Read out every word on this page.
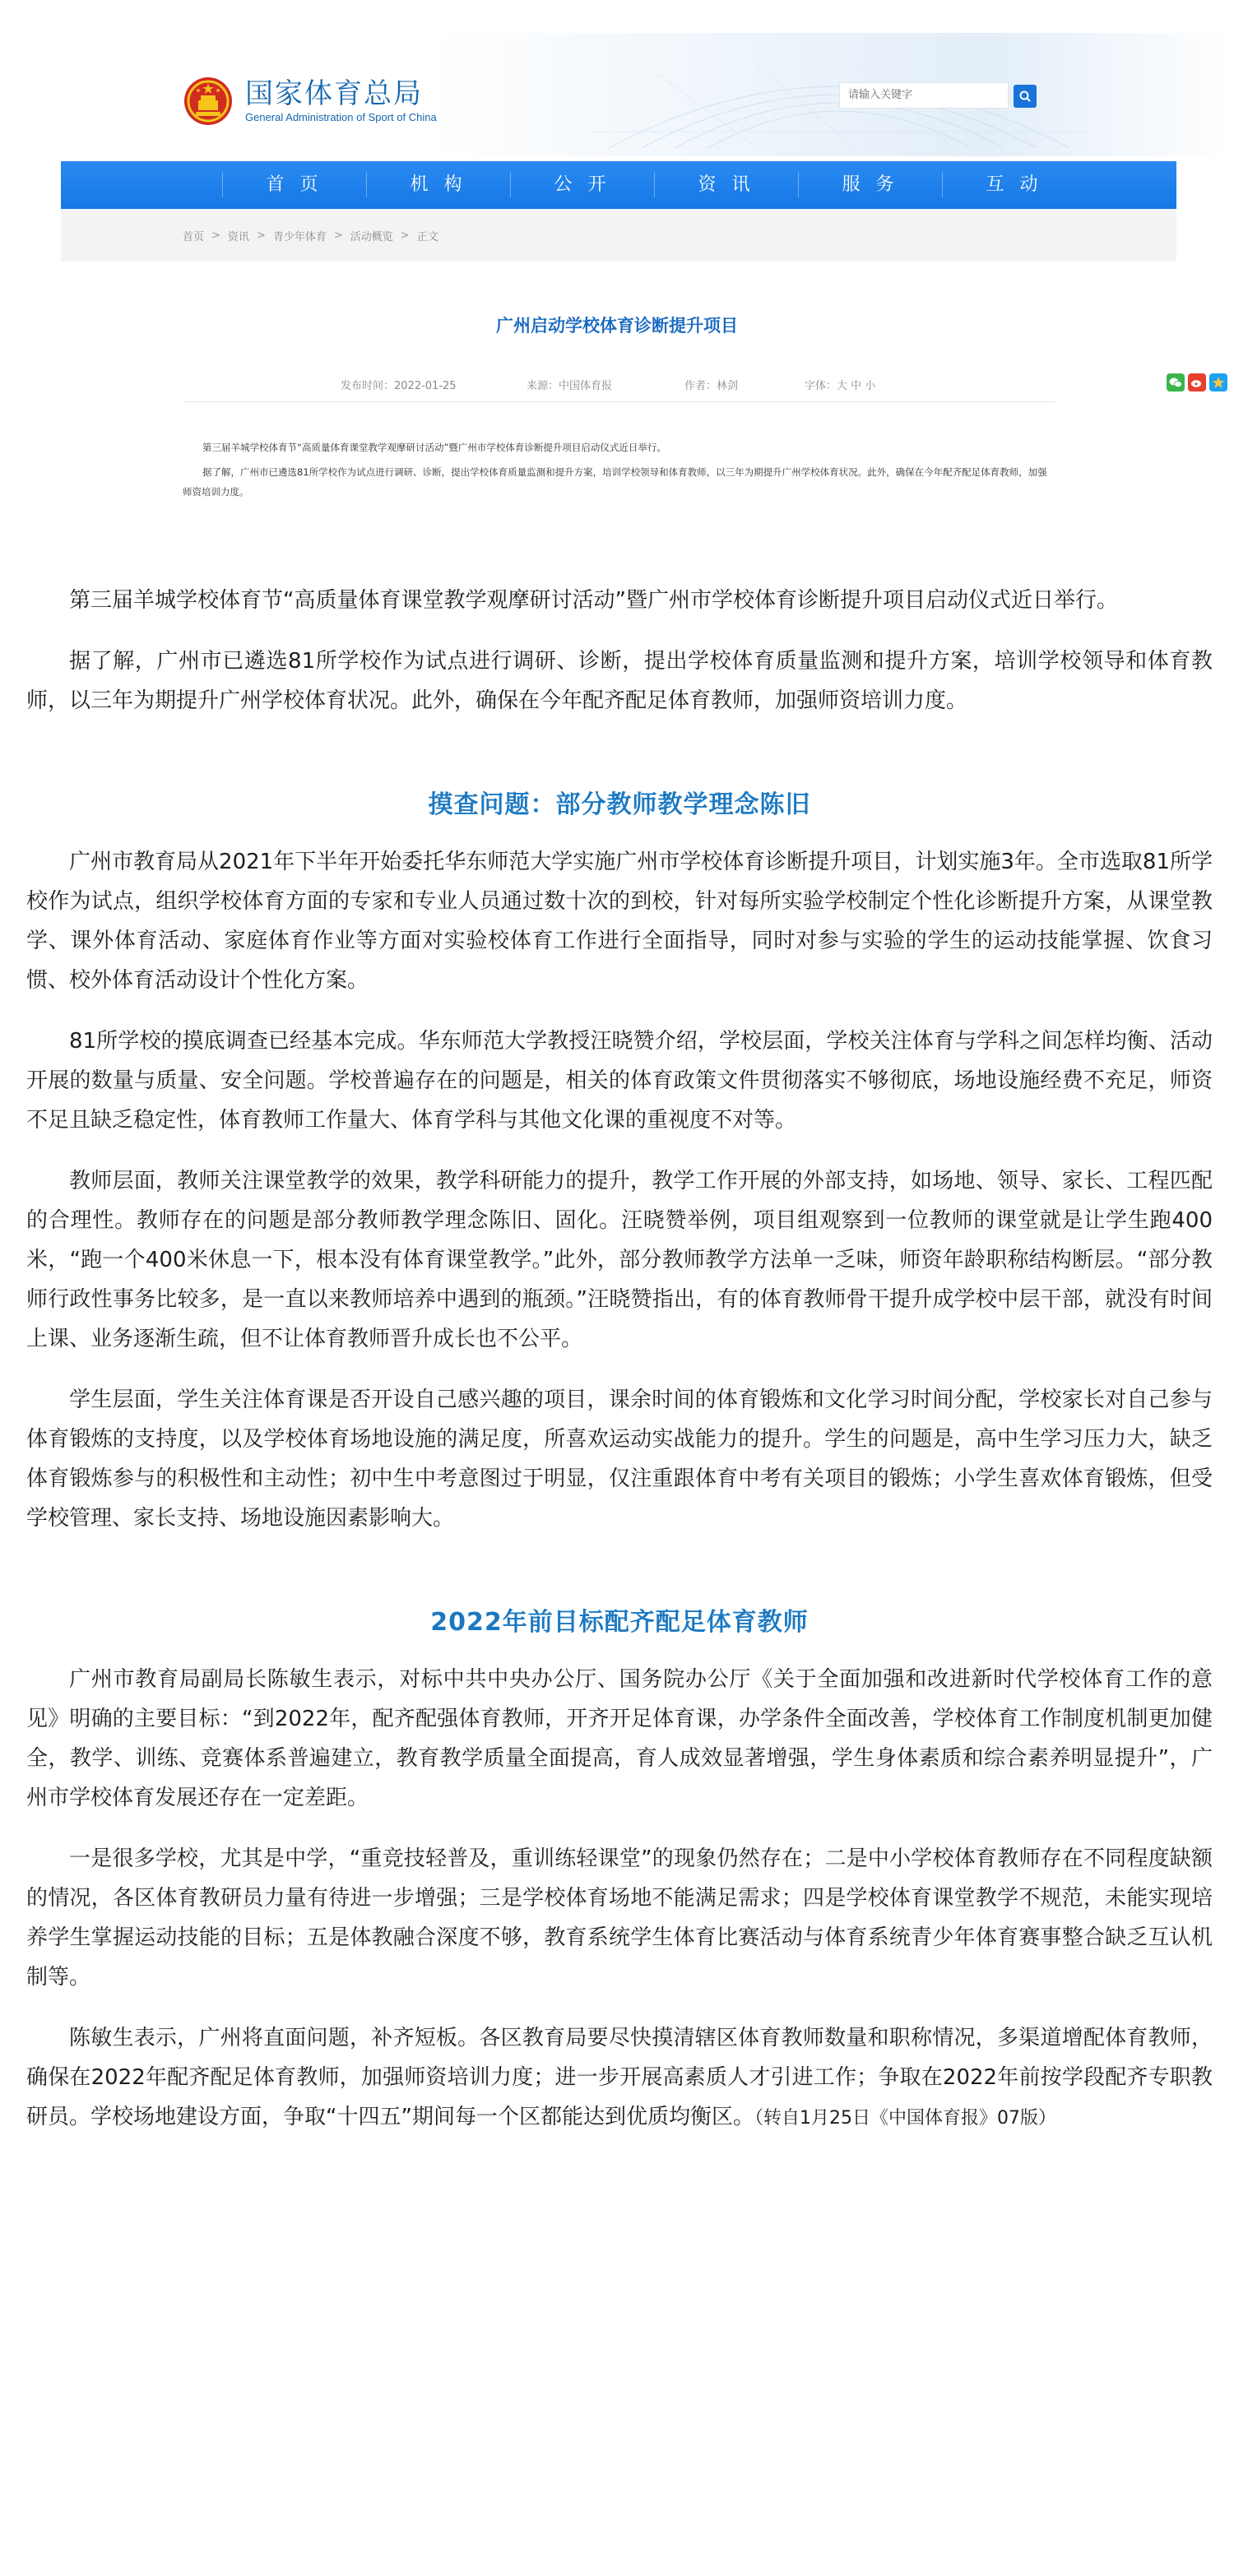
国家体育总局
General Administration of Sport of China
请输入关键字
首 页	机 构	公 开	资 讯	服 务	互 动
首页 > 资讯 > 青少年体育 > 活动概览 > 正文
广州启动学校体育诊断提升项目
发布时间：2022-01-25	来源：中国体育报	作者：林剑	字体：大 中 小

第三届羊城学校体育节“高质量体育课堂教学观摩研讨活动”暨广州市学校体育诊断提升项目启动仪式近日举行。

据了解，广州市已遴选81所学校作为试点进行调研、诊断，提出学校体育质量监测和提升方案，培训学校领导和体育教师，以三年为期提升广州学校体育状况。此外，确保在今年配齐配足体育教师，加强师资培训力度。

第三届羊城学校体育节“高质量体育课堂教学观摩研讨活动”暨广州市学校体育诊断提升项目启动仪式近日举行。

据了解，广州市已遴选81所学校作为试点进行调研、诊断，提出学校体育质量监测和提升方案，培训学校领导和体育教师，以三年为期提升广州学校体育状况。此外，确保在今年配齐配足体育教师，加强师资培训力度。

摸查问题：部分教师教学理念陈旧

广州市教育局从2021年下半年开始委托华东师范大学实施广州市学校体育诊断提升项目，计划实施3年。全市选取81所学校作为试点，组织学校体育方面的专家和专业人员通过数十次的到校，针对每所实验学校制定个性化诊断提升方案，从课堂教学、课外体育活动、家庭体育作业等方面对实验校体育工作进行全面指导，同时对参与实验的学生的运动技能掌握、饮食习惯、校外体育活动设计个性化方案。

81所学校的摸底调查已经基本完成。华东师范大学教授汪晓赞介绍，学校层面，学校关注体育与学科之间怎样均衡、活动开展的数量与质量、安全问题。学校普遍存在的问题是，相关的体育政策文件贯彻落实不够彻底，场地设施经费不充足，师资不足且缺乏稳定性，体育教师工作量大、体育学科与其他文化课的重视度不对等。

教师层面，教师关注课堂教学的效果，教学科研能力的提升，教学工作开展的外部支持，如场地、领导、家长、工程匹配的合理性。教师存在的问题是部分教师教学理念陈旧、固化。汪晓赞举例，项目组观察到一位教师的课堂就是让学生跑400米，“跑一个400米休息一下，根本没有体育课堂教学。”此外，部分教师教学方法单一乏味，师资年龄职称结构断层。“部分教师行政性事务比较多，是一直以来教师培养中遇到的瓶颈。”汪晓赞指出，有的体育教师骨干提升成学校中层干部，就没有时间上课、业务逐渐生疏，但不让体育教师晋升成长也不公平。

学生层面，学生关注体育课是否开设自己感兴趣的项目，课余时间的体育锻炼和文化学习时间分配，学校家长对自己参与体育锻炼的支持度，以及学校体育场地设施的满足度，所喜欢运动实战能力的提升。学生的问题是，高中生学习压力大，缺乏体育锻炼参与的积极性和主动性；初中生中考意图过于明显，仅注重跟体育中考有关项目的锻炼；小学生喜欢体育锻炼，但受学校管理、家长支持、场地设施因素影响大。

2022年前目标配齐配足体育教师

广州市教育局副局长陈敏生表示，对标中共中央办公厅、国务院办公厅《关于全面加强和改进新时代学校体育工作的意见》明确的主要目标：“到2022年，配齐配强体育教师，开齐开足体育课，办学条件全面改善，学校体育工作制度机制更加健全，教学、训练、竞赛体系普遍建立，教育教学质量全面提高，育人成效显著增强，学生身体素质和综合素养明显提升”，广州市学校体育发展还存在一定差距。

一是很多学校，尤其是中学，“重竞技轻普及，重训练轻课堂”的现象仍然存在；二是中小学校体育教师存在不同程度缺额的情况，各区体育教研员力量有待进一步增强；三是学校体育场地不能满足需求；四是学校体育课堂教学不规范，未能实现培养学生掌握运动技能的目标；五是体教融合深度不够，教育系统学生体育比赛活动与体育系统青少年体育赛事整合缺乏互认机制等。

陈敏生表示，广州将直面问题，补齐短板。各区教育局要尽快摸清辖区体育教师数量和职称情况，多渠道增配体育教师，确保在2022年配齐配足体育教师，加强师资培训力度；进一步开展高素质人才引进工作；争取在2022年前按学段配齐专职教研员。学校场地建设方面，争取“十四五”期间每一个区都能达到优质均衡区。（转自1月25日《中国体育报》07版）
